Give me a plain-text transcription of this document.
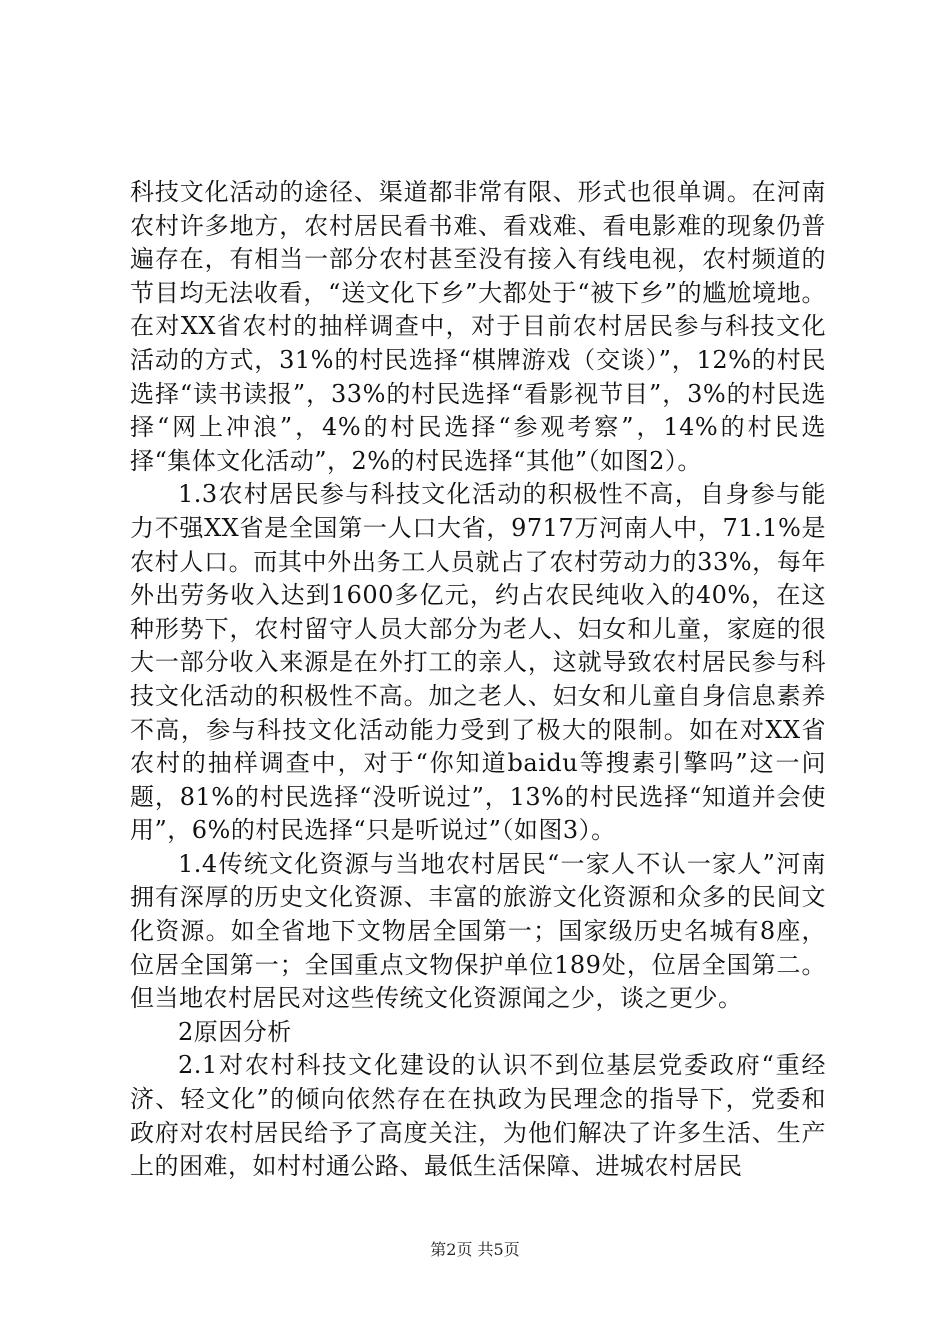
科技文化活动的途径、渠道都非常有限、形式也很单调。在河南农村许多地方，农村居民看书难、看戏难、看电影难的现象仍普遍存在，有相当一部分农村甚至没有接入有线电视，农村频道的节目均无法收看，“送文化下乡”大都处于“被下乡”的尴尬境地。在对XX省农村的抽样调查中，对于目前农村居民参与科技文化活动的方式，31%的村民选择“棋牌游戏（交谈）”，12%的村民选择“读书读报”，33%的村民选择“看影视节目”，3%的村民选择“网上冲浪”，4%的村民选择“参观考察”，14%的村民选择“集体文化活动”，2%的村民选择“其他”（如图2）。

1.3农村居民参与科技文化活动的积极性不高，自身参与能力不强XX省是全国第一人口大省，9717万河南人中，71.1%是农村人口。而其中外出务工人员就占了农村劳动力的33%，每年外出劳务收入达到1600多亿元，约占农民纯收入的40%，在这种形势下，农村留守人员大部分为老人、妇女和儿童，家庭的很大一部分收入来源是在外打工的亲人，这就导致农村居民参与科技文化活动的积极性不高。加之老人、妇女和儿童自身信息素养不高，参与科技文化活动能力受到了极大的限制。如在对XX省农村的抽样调查中，对于“你知道baidu等搜素引擎吗”这一问题，81%的村民选择“没听说过”，13%的村民选择“知道并会使用”，6%的村民选择“只是听说过”（如图3）。

1.4传统文化资源与当地农村居民“一家人不认一家人”河南拥有深厚的历史文化资源、丰富的旅游文化资源和众多的民间文化资源。如全省地下文物居全国第一；国家级历史名城有8座，位居全国第一；全国重点文物保护单位189处，位居全国第二。但当地农村居民对这些传统文化资源闻之少，谈之更少。

2原因分析

2.1对农村科技文化建设的认识不到位基层党委政府“重经济、轻文化”的倾向依然存在在执政为民理念的指导下，党委和政府对农村居民给予了高度关注，为他们解决了许多生活、生产上的困难，如村村通公路、最低生活保障、进城农村居民

第2页 共5页
